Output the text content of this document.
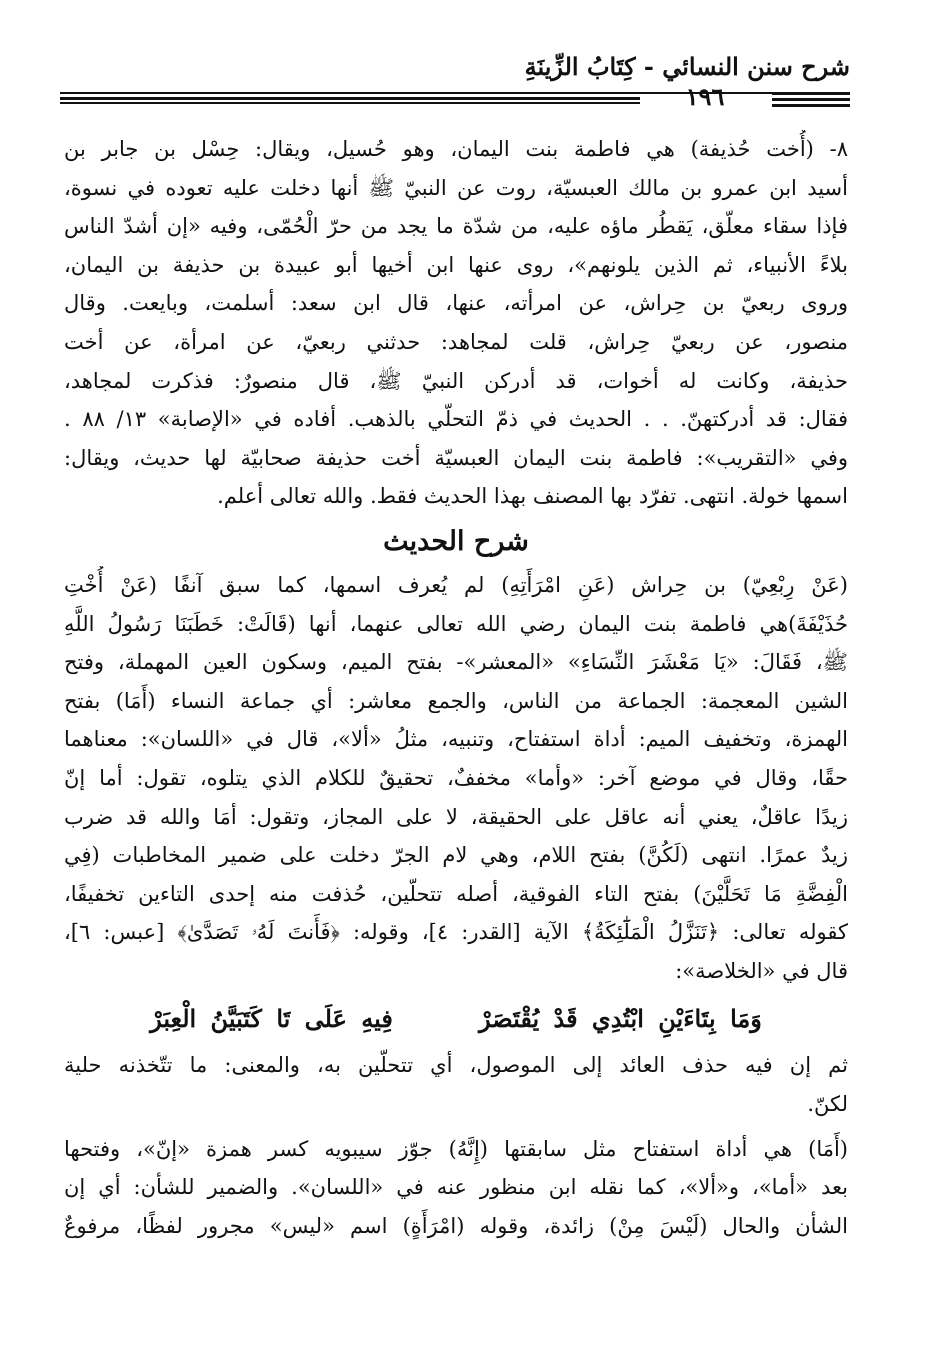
شرح سنن النسائي - كِتَابُ الزِّينَةِ
١٩٦

٨- (أُخت حُذيفة) هي فاطمة بنت اليمان، وهو حُسيل، ويقال: حِسْل بن جابر بن
أسيد ابن عمرو بن مالك العبسيّة، روت عن النبيّ ﷺ أنها دخلت عليه تعوده في نسوة،
فإذا سقاء معلّق، يَقطُر ماؤه عليه، من شدّة ما يجد من حرّ الْحُمّى، وفيه «إن أشدّ الناس
بلاءً الأنبياء، ثم الذين يلونهم»، روى عنها ابن أخيها أبو عبيدة بن حذيفة بن اليمان،
وروى ربعيّ بن حِراش، عن امرأته، عنها، قال ابن سعد: أسلمت، وبايعت. وقال
منصور، عن ربعيّ حِراش، قلت لمجاهد: حدثني ربعيّ، عن امرأة، عن أخت
حذيفة، وكانت له أخوات، قد أدركن النبيّ ﷺ، قال منصورٌ: فذكرت لمجاهد،
فقال: قد أدركتهنّ. . . الحديث في ذمّ التحلّي بالذهب. أفاده في «الإصابة» ١٣/ ٨٨ .
وفي «التقريب»: فاطمة بنت اليمان العبسيّة أخت حذيفة صحابيّة لها حديث، ويقال:
اسمها خولة. انتهى. تفرّد بها المصنف بهذا الحديث فقط. والله تعالى أعلم.

شرح الحديث

(عَنْ رِبْعِيّ) بن حِراش (عَنِ امْرَأَتِهِ) لم يُعرف اسمها، كما سبق آنفًا (عَنْ أُخْتِ
حُذَيْفَةَ)هي فاطمة بنت اليمان رضي الله تعالى عنهما، أنها (قَالَتْ: خَطَبَنَا رَسُولُ اللَّهِ
ﷺ، فَقَالَ: «يَا مَعْشَرَ النِّسَاءِ» «المعشر»- بفتح الميم، وسكون العين المهملة، وفتح
الشين المعجمة: الجماعة من الناس، والجمع معاشر: أي جماعة النساء (أَمَا) بفتح
الهمزة، وتخفيف الميم: أداة استفتاح، وتنبيه، مثلُ «ألا»، قال في «اللسان»: معناهما
حقًا، وقال في موضع آخر: «وأما» مخففٌ، تحقيقٌ للكلام الذي يتلوه، تقول: أما إنّ
زيدًا عاقلٌ، يعني أنه عاقل على الحقيقة، لا على المجاز، وتقول: أمَا والله قد ضرب
زيدٌ عمرًا. انتهى (لَكُنَّ) بفتح اللام، وهي لام الجرّ دخلت على ضمير المخاطبات (فِي
الْفِضَّةِ مَا تَحَلَّيْنَ) بفتح التاء الفوقية، أصله تتحلّين، حُذفت منه إحدى التاءين تخفيفًا،
كقوله تعالى: ﴿تَنَزَّلُ الْمَلَٰٓئِكَةُ﴾ الآية [القدر: ٤]، وقوله: ﴿فَأَنتَ لَهُۥ تَصَدَّىٰ﴾ [عبس: ٦]،
قال في «الخلاصة»:

وَمَا بِتَاءَيْنِ ابْتُدِي قَدْ يُقْتَصَرْ      فِيهِ عَلَى تَا كَتَبَيَّنُ الْعِبَرْ

ثم إن فيه حذف العائد إلى الموصول، أي تتحلّين به، والمعنى: ما تتّخذنه حلية
لكنّ.

(أَمَا) هي أداة استفتاح مثل سابقتها (إِنَّهُ) جوّز سيبويه كسر همزة «إنّ»، وفتحها
بعد «أما»، و«ألا»، كما نقله ابن منظور عنه في «اللسان». والضمير للشأن: أي إن
الشأن والحال (لَيْسَ مِنْ) زائدة، وقوله (امْرَأَةٍ) اسم «ليس» مجرور لفظًا، مرفوعٌ
